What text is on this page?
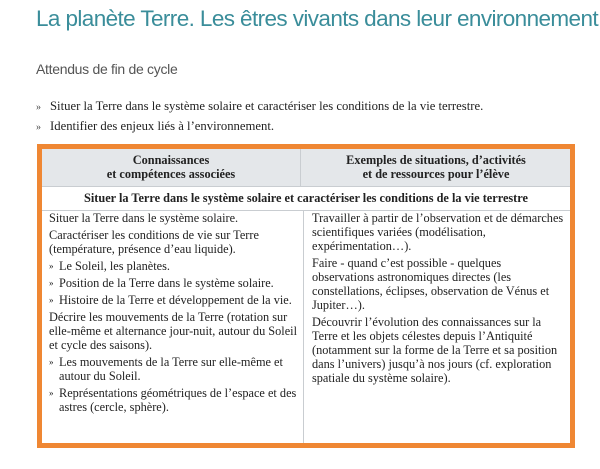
La planète Terre. Les êtres vivants dans leur environnement
Attendus de fin de cycle
» Situer la Terre dans le système solaire et caractériser les conditions de la vie terrestre.
» Identifier des enjeux liés à l’environnement.
Connaissances
et compétences associées
Exemples de situations, d’activités
et de ressources pour l’élève
Situer la Terre dans le système solaire et caractériser les conditions de la vie terrestre

Situer la Terre dans le système solaire.

Caractériser les conditions de vie sur Terre (température, présence d’eau liquide).

» Le Soleil, les planètes.
» Position de la Terre dans le système solaire.
» Histoire de la Terre et développement de la vie.

Décrire les mouvements de la Terre (rotation sur elle-même et alternance jour-nuit, autour du Soleil et cycle des saisons).

» Les mouvements de la Terre sur elle-même et autour du Soleil.
» Représentations géométriques de l’espace et des astres (cercle, sphère).

Travailler à partir de l’observation et de démarches scientifiques variées (modélisation, expérimentation…).

Faire - quand c’est possible - quelques observations astronomiques directes (les constellations, éclipses, observation de Vénus et Jupiter…).

Découvrir l’évolution des connaissances sur la Terre et les objets célestes depuis l’Antiquité (notamment sur la forme de la Terre et sa position dans l’univers) jusqu’à nos jours (cf. exploration spatiale du système solaire).
